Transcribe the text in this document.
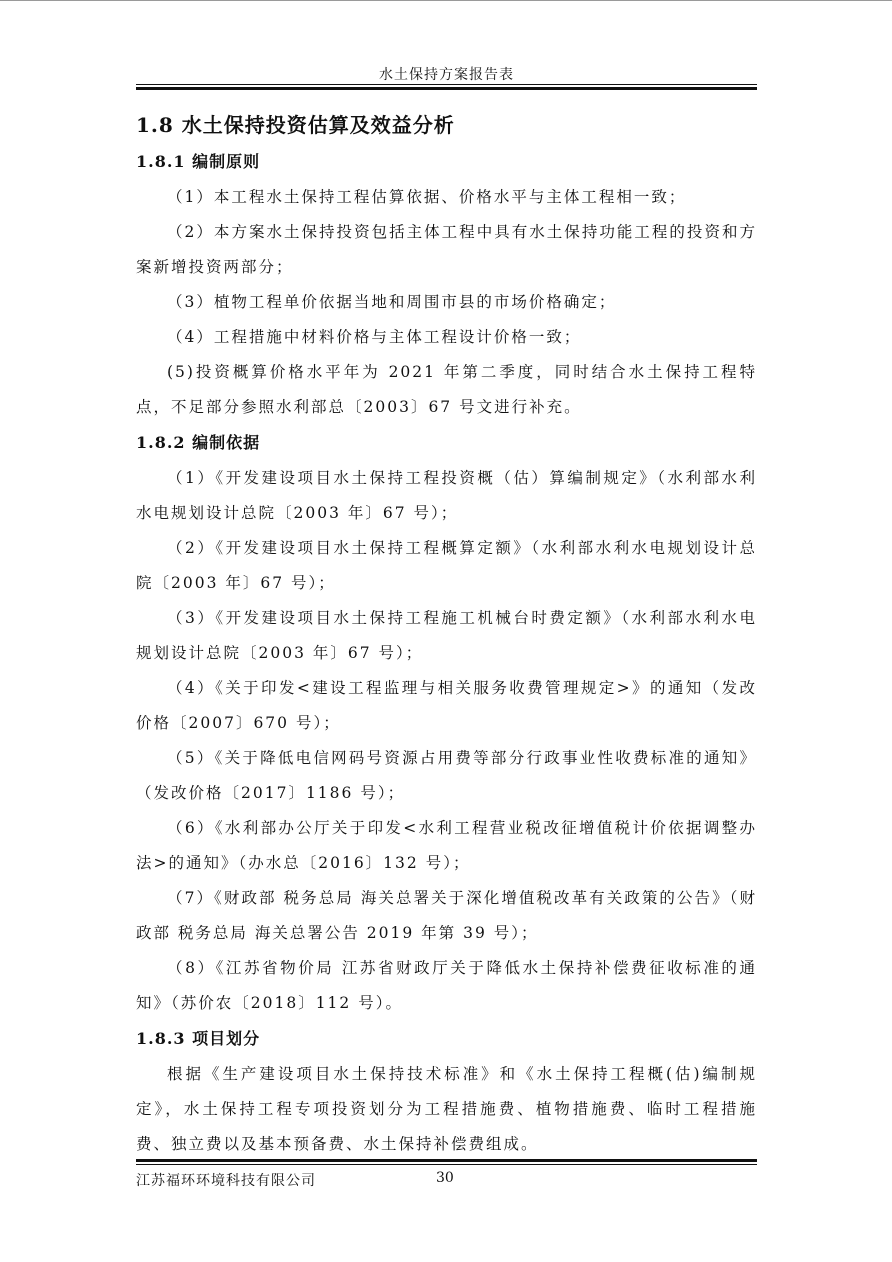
水土保持方案报告表
1.8 水土保持投资估算及效益分析
1.8.1 编制原则

（1）本工程水土保持工程估算依据、价格水平与主体工程相一致；

（2）本方案水土保持投资包括主体工程中具有水土保持功能工程的投资和方案新增投资两部分；

（3）植物工程单价依据当地和周围市县的市场价格确定；

（4）工程措施中材料价格与主体工程设计价格一致；

(5)投资概算价格水平年为 2021 年第二季度，同时结合水土保持工程特点，不足部分参照水利部总〔2003〕67 号文进行补充。

1.8.2 编制依据

（1）《开发建设项目水土保持工程投资概（估）算编制规定》（水利部水利水电规划设计总院〔2003 年〕67 号）；

（2）《开发建设项目水土保持工程概算定额》（水利部水利水电规划设计总院〔2003 年〕67 号）；

（3）《开发建设项目水土保持工程施工机械台时费定额》（水利部水利水电规划设计总院〔2003 年〕67 号）；

（4）《关于印发<建设工程监理与相关服务收费管理规定>》的通知（发改价格〔2007〕670 号）；

（5）《关于降低电信网码号资源占用费等部分行政事业性收费标准的通知》（发改价格〔2017〕1186 号）；

（6）《水利部办公厅关于印发<水利工程营业税改征增值税计价依据调整办法>的通知》（办水总〔2016〕132 号）；

（7）《财政部 税务总局 海关总署关于深化增值税改革有关政策的公告》（财政部 税务总局 海关总署公告 2019 年第 39 号）；

（8）《江苏省物价局 江苏省财政厅关于降低水土保持补偿费征收标准的通知》（苏价农〔2018〕112 号）。

1.8.3 项目划分

根据《生产建设项目水土保持技术标准》和《水土保持工程概(估)编制规定》，水土保持工程专项投资划分为工程措施费、植物措施费、临时工程措施费、独立费以及基本预备费、水土保持补偿费组成。

江苏福环环境科技有限公司	30
